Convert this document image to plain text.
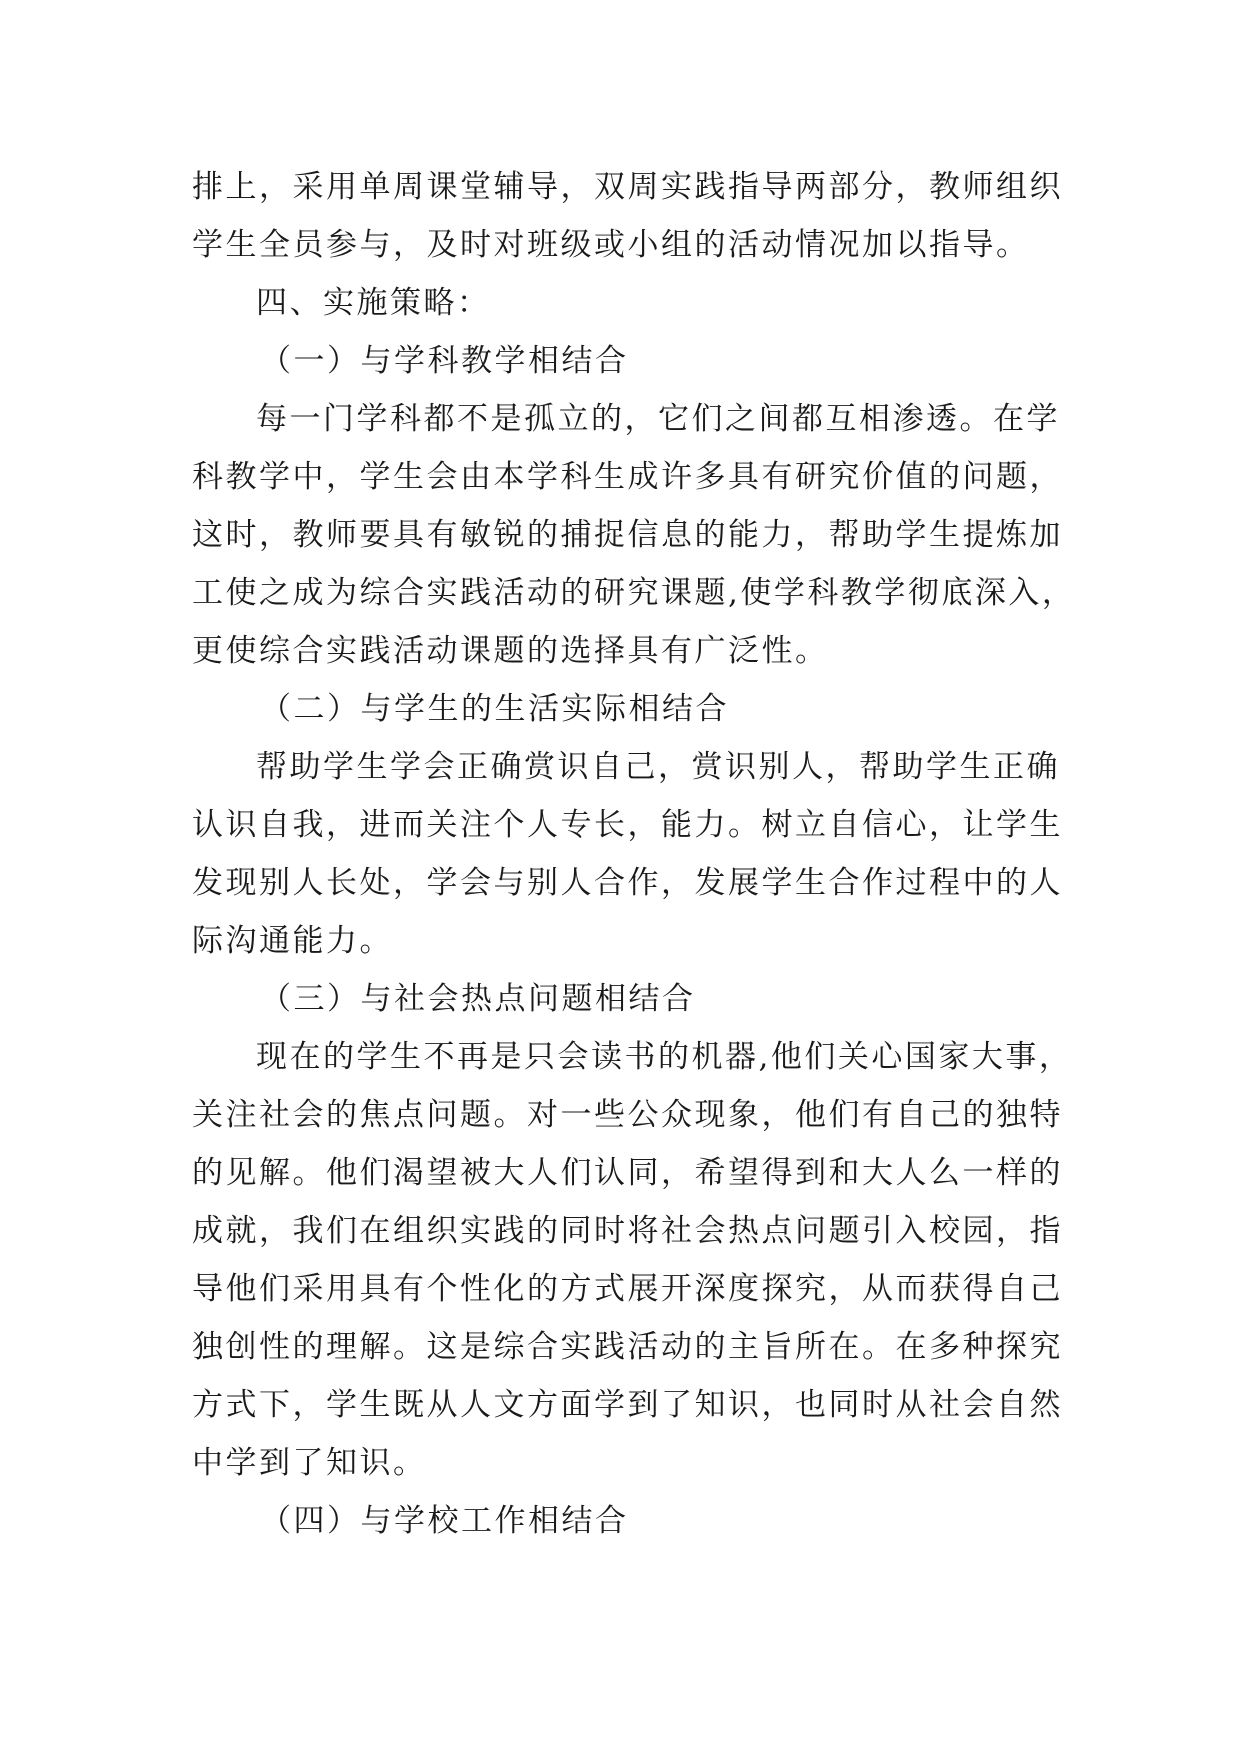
排上，采用单周课堂辅导，双周实践指导两部分，教师组织
学生全员参与，及时对班级或小组的活动情况加以指导。
四、实施策略：
（一）与学科教学相结合
每一门学科都不是孤立的，它们之间都互相渗透。在学
科教学中，学生会由本学科生成许多具有研究价值的问题，
这时，教师要具有敏锐的捕捉信息的能力，帮助学生提炼加
工使之成为综合实践活动的研究课题,使学科教学彻底深入，
更使综合实践活动课题的选择具有广泛性。
（二）与学生的生活实际相结合
帮助学生学会正确赏识自己，赏识别人，帮助学生正确
认识自我，进而关注个人专长，能力。树立自信心，让学生
发现别人长处，学会与别人合作，发展学生合作过程中的人
际沟通能力。
（三）与社会热点问题相结合
现在的学生不再是只会读书的机器,他们关心国家大事，
关注社会的焦点问题。对一些公众现象，他们有自己的独特
的见解。他们渴望被大人们认同，希望得到和大人么一样的
成就，我们在组织实践的同时将社会热点问题引入校园，指
导他们采用具有个性化的方式展开深度探究，从而获得自己
独创性的理解。这是综合实践活动的主旨所在。在多种探究
方式下，学生既从人文方面学到了知识，也同时从社会自然
中学到了知识。
（四）与学校工作相结合
